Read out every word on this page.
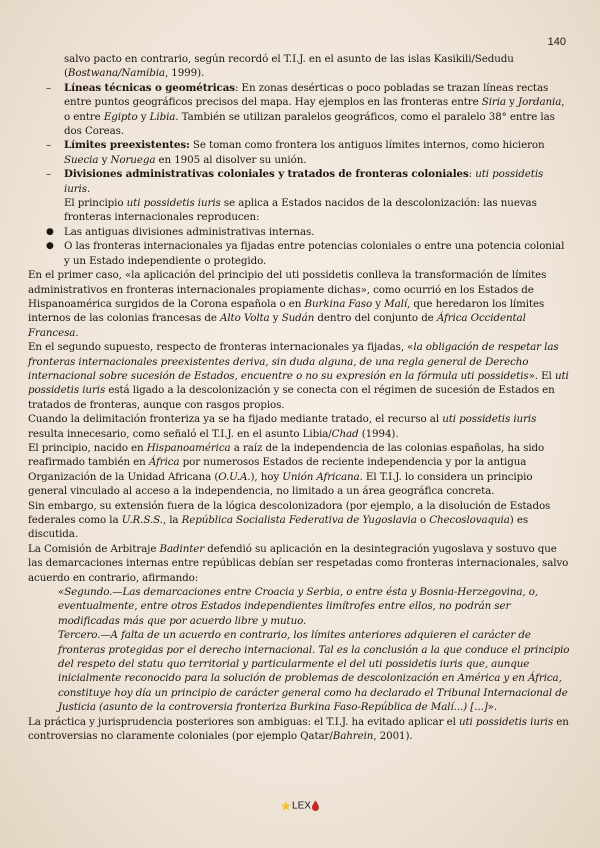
140

salvo pacto en contrario, según recordó el T.I.J. en el asunto de las islas Kasikili/Sedudu (Bostwana/Namibia, 1999).

– Líneas técnicas o geométricas: En zonas desérticas o poco pobladas se trazan líneas rectas entre puntos geográficos precisos del mapa. Hay ejemplos en las fronteras entre Siria y Jordania, o entre Egipto y Libia. También se utilizan paralelos geográficos, como el paralelo 38° entre las dos Coreas.

– Límites preexistentes: Se toman como frontera los antiguos límites internos, como hicieron Suecia y Noruega en 1905 al disolver su unión.

– Divisiones administrativas coloniales y tratados de fronteras coloniales: uti possidetis iuris.
El principio uti possidetis iuris se aplica a Estados nacidos de la descolonización: las nuevas fronteras internacionales reproducen:

● Las antiguas divisiones administrativas internas.

● O las fronteras internacionales ya fijadas entre potencias coloniales o entre una potencia colonial y un Estado independiente o protegido.

En el primer caso, «la aplicación del principio del uti possidetis conlleva la transformación de límites administrativos en fronteras internacionales propiamente dichas», como ocurrió en los Estados de Hispanoamérica surgidos de la Corona española o en Burkina Faso y Malí, que heredaron los límites internos de las colonias francesas de Alto Volta y Sudán dentro del conjunto de África Occidental Francesa.

En el segundo supuesto, respecto de fronteras internacionales ya fijadas, «la obligación de respetar las fronteras internacionales preexistentes deriva, sin duda alguna, de una regla general de Derecho internacional sobre sucesión de Estados, encuentre o no su expresión en la fórmula uti possidetis». El uti possidetis iuris está ligado a la descolonización y se conecta con el régimen de sucesión de Estados en tratados de fronteras, aunque con rasgos propios.

Cuando la delimitación fronteriza ya se ha fijado mediante tratado, el recurso al uti possidetis iuris resulta innecesario, como señaló el T.I.J. en el asunto Libia/Chad (1994).

El principio, nacido en Hispanoamérica a raíz de la independencia de las colonias españolas, ha sido reafirmado también en África por numerosos Estados de reciente independencia y por la antigua Organización de la Unidad Africana (O.U.A.), hoy Unión Africana. El T.I.J. lo considera un principio general vinculado al acceso a la independencia, no limitado a un área geográfica concreta.

Sin embargo, su extensión fuera de la lógica descolonizadora (por ejemplo, a la disolución de Estados federales como la U.R.S.S., la República Socialista Federativa de Yugoslavia o Checoslovaquia) es discutida.

La Comisión de Arbitraje Badinter defendió su aplicación en la desintegración yugoslava y sostuvo que las demarcaciones internas entre repúblicas debían ser respetadas como fronteras internacionales, salvo acuerdo en contrario, afirmando:

«Segundo.—Las demarcaciones entre Croacia y Serbia, o entre ésta y Bosnia-Herzegovina, o, eventualmente, entre otros Estados independientes limítrofes entre ellos, no podrán ser modificadas más que por acuerdo libre y mutuo.

Tercero.—A falta de un acuerdo en contrario, los límites anteriores adquieren el carácter de fronteras protegidas por el derecho internacional. Tal es la conclusión a la que conduce el principio del respeto del statu quo territorial y particularmente el del uti possidetis iuris que, aunque inicialmente reconocido para la solución de problemas de descolonización en América y en África, constituye hoy día un principio de carácter general como ha declarado el Tribunal Internacional de Justicia (asunto de la controversia fronteriza Burkina Faso-República de Malí...) [...]».

La práctica y jurisprudencia posteriores son ambiguas: el T.I.J. ha evitado aplicar el uti possidetis iuris en controversias no claramente coloniales (por ejemplo Qatar/Bahrein, 2001).

LEX
